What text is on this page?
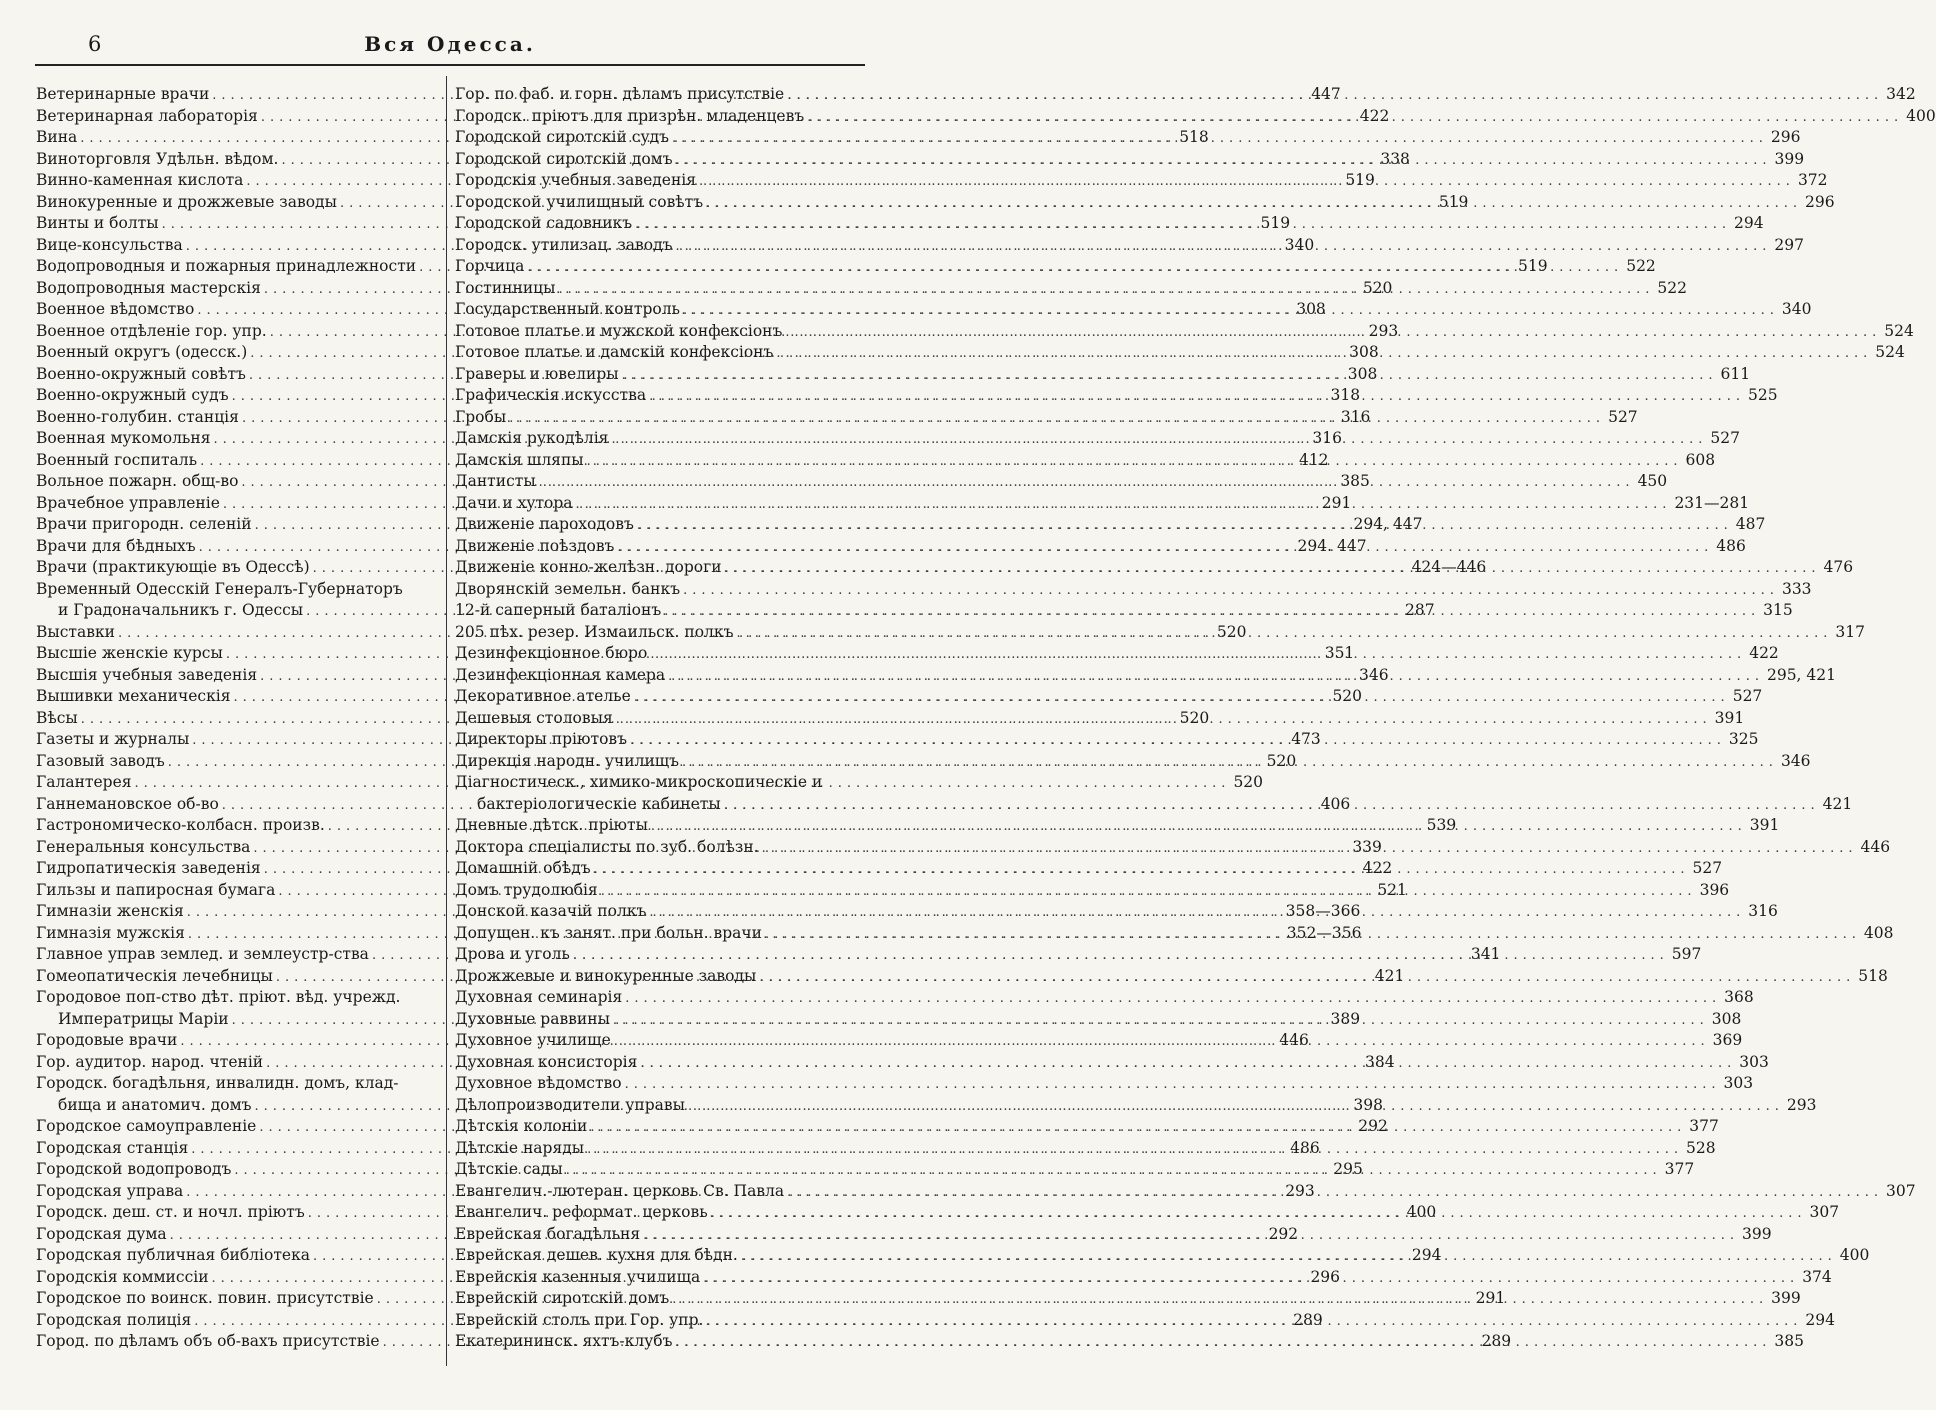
6	Вся Одесса.
Ветеринарные врачи .....	447
Ветеринарная лабораторія .....	422
Вина .....	518
Виноторговля Удѣльн. вѣдом. .....	338
Винно-каменная кислота .....	519
Винокуренные и дрожжевые заводы .....	519
Винты и болты .....	519
Вице-консульства .....	340
Водопроводныя и пожарныя принадлежности .....	519
Водопроводныя мастерскія .....	520
Военное вѣдомство .....	308
Военное отдѣленіе гор. упр. .....	293
Военный округъ (одесск.) .....	308
Военно-окружный совѣтъ .....	308
Военно-окружный судъ .....	318
Военно-голубин. станція .....	316
Военная мукомольня .....	316
Военный госпиталь .....	412
Вольное пожарн. общ-во .....	385
Врачебное управленіе .....	291
Врачи пригородн. селеній .....	294, 447
Врачи для бѣдныхъ .....	294. 447
Врачи (практикующіе въ Одессѣ) .....	424—446
Временный Одесскій Генералъ-Губернаторъ
и Градоначальникъ г. Одессы .....	287
Выставки .....	520
Высшіе женскіе курсы .....	351
Высшія учебныя заведенія .....	346
Вышивки механическія .....	520
Вѣсы .....	520
Газеты и журналы .....	473
Газовый заводъ .....	520
Галантерея .....	520
Ганнемановское об-во .....	406
Гастрономическо-колбасн. произв. .....	539
Генеральныя консульства .....	339
Гидропатическія заведенія .....	422
Гильзы и папиросная бумага .....	521
Гимназіи женскія .....	358—366
Гимназія мужскія .....	352—356
Главное управ землед. и землеустр-ства .....	341
Гомеопатическія лечебницы .....	421
Городовое поп-ство дѣт. пріют. вѣд. учрежд.
Императрицы Маріи .....	389
Городовые врачи .....	446
Гор. аудитор. народ. чтеній .....	384
Городск. богадѣльня, инвалидн. домъ, клад-
бища и анатомич. домъ .....	398
Городское самоуправленіе .....	292
Городская станція .....	486
Городской водопроводъ .....	295
Городская управа .....	293
Городск. деш. ст. и ночл. пріютъ .....	400
Городская дума .....	292
Городская публичная библіотека .....	294
Городскія коммиссіи .....	296
Городское по воинск. повин. присутствіе .....	291
Городская полиція .....	289
Город. по дѣламъ объ об-вахъ присутствіе .....	289
Гор. по фаб. и горн. дѣламъ присутствіе .....	342
Городск. пріютъ для призрѣн. младенцевъ .....	400
Городской сиротскій судъ .....	296
Городской сиротскій домъ .....	399
Городскія учебныя заведенія .....	372
Городской училищный совѣтъ .....	296
Городской садовникъ .....	294
Городск. утилизац. заводъ .....	297
Горчица .....	522
Гостинницы .....	522
Государственный контроль .....	340
Готовое платье и мужской конфексіонъ .....	524
Готовое платье и дамскій конфексіонъ .....	524
Граверы и ювелиры .....	611
Графическія искусства .....	525
Гробы .....	527
Дамскія рукодѣлія .....	527
Дамскія шляпы .....	608
Дантисты .....	450
Дачи и хутора .....	231—281
Движеніе пароходовъ .....	487
Движеніе поѣздовъ .....	486
Движеніе конно-желѣзн. дороги .....	476
Дворянскій земельн. банкъ .....	333
12-й саперный баталіонъ .....	315
205 пѣх. резер. Измаильск. полкъ .....	317
Дезинфекціонное бюро .....	422
Дезинфекціонная камера .....	295, 421
Декоративное ателье .....	527
Дешевыя столовыя .....	391
Директоры пріютовъ .....	325
Дирекція народн. училищъ .....	346
Діагностическ., химико-микроскопическіе и
бактеріологическіе кабинеты .....	421
Дневные дѣтск. пріюты .....	391
Доктора спеціалисты по зуб. болѣзн. .....	446
Домашній обѣдъ .....	527
Домъ трудолюбія .....	396
Донской казачій полкъ .....	316
Допущен. къ занят. при больн. врачи .....	408
Дрова и уголь .....	597
Дрожжевые и винокуренные заводы .....	518
Духовная семинарія .....	368
Духовные раввины .....	308
Духовное училище .....	369
Духовная консисторія .....	303
Духовное вѣдомство .....	303
Дѣлопроизводители управы .....	293
Дѣтскія колоніи .....	377
Дѣтскіе наряды .....	528
Дѣтскіе сады .....	377
Евангелич.-лютеран. церковь Св. Павла .....	307
Евангелич. реформат. церковь .....	307
Еврейская богадѣльня .....	399
Еврейская дешев. кухня для бѣдн. .....	400
Еврейскія казенныя училища .....	374
Еврейскій сиротскій домъ .....	399
Еврейскій столъ при Гор. упр. .....	294
Екатерининск. яхтъ-клубъ .....	385
